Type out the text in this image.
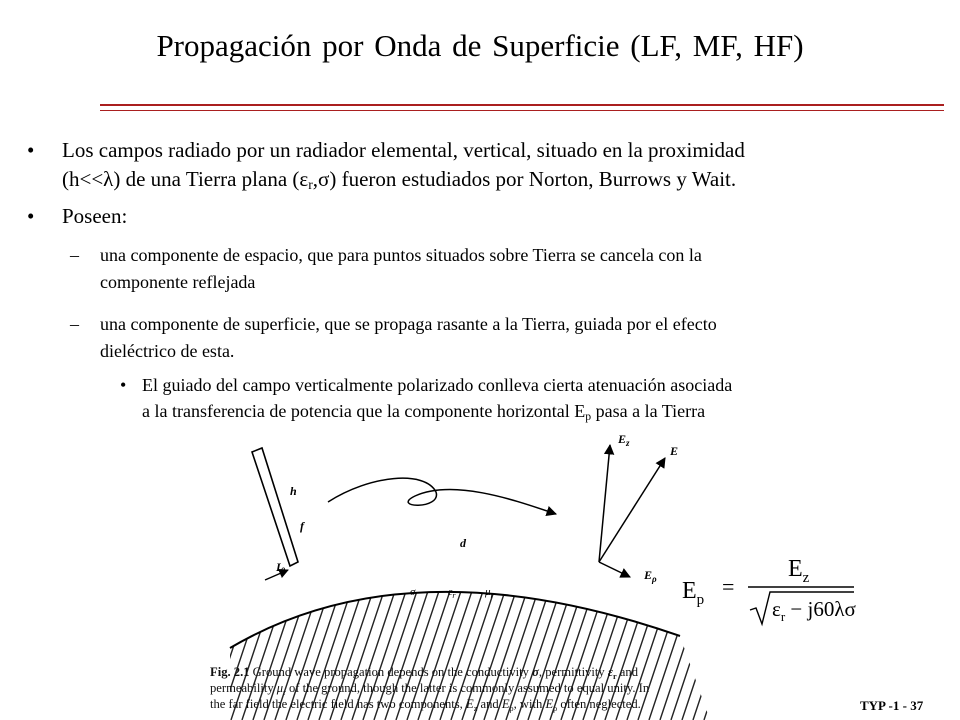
Propagación por Onda de Superficie (LF, MF, HF)
• Los campos radiado por un radiador elemental, vertical, situado en la proximidad
(h<<λ) de una Tierra plana $(\varepsilon_r,\sigma)$ fueron estudiados por Norton, Burrows y Wait.
• Poseen:
– una componente de espacio, que para puntos situados sobre Tierra se cancela con la
componente reflejada
– una componente de superficie, que se propaga rasante a la Tierra, guiada por el efecto
dieléctrico de esta.
• El guiado del campo verticalmente polarizado conlleva cierta atenuación asociada
a la transferencia de potencia que la componente horizontal $E_p$ pasa a la Tierra
h
f
$I_0$
d
$E_z$
E
$E_\rho$
σ	$\varepsilon_r$	$\mu_r$
Fig. 2.1 Ground wave propagation depends on the conductivity σ, permittivity $\varepsilon_r$ and
permeability $\mu_r$ of the ground, though the latter is commonly assumed to equal unity. In
the far field the electric field has two components, $E_z$ and $E_\rho$, with $E_\rho$ often neglected.
$E_p$
=
$E_z$
$\varepsilon_r - j60\lambda\sigma$
TYP -1 - 37
